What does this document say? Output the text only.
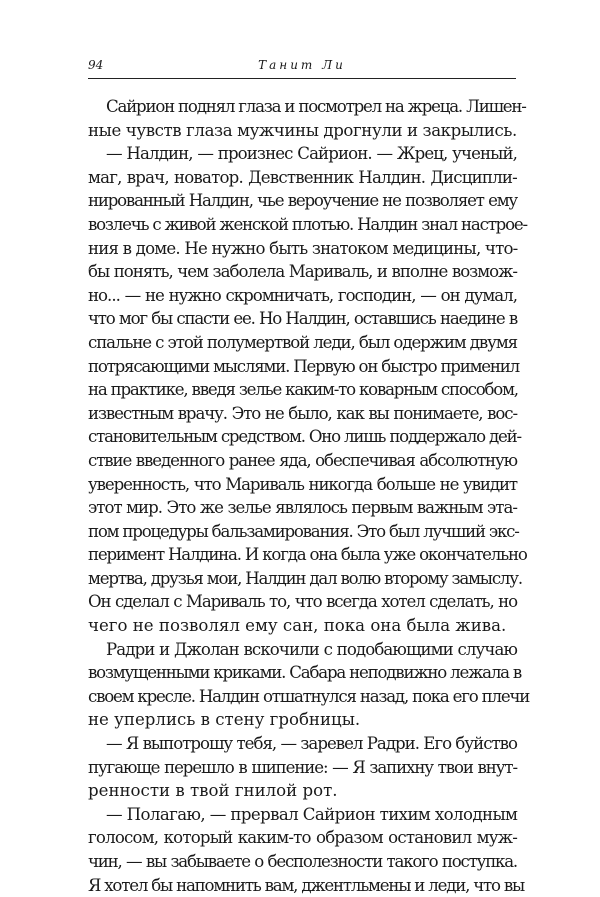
94	Танит Ли
Сайрион поднял глаза и посмотрел на жреца. Лишен-
ные чувств глаза мужчины дрогнули и закрылись.
— Налдин, — произнес Сайрион. — Жрец, ученый,
маг, врач, новатор. Девственник Налдин. Дисципли-
нированный Налдин, чье вероучение не позволяет ему
возлечь с живой женской плотью. Налдин знал настрое-
ния в доме. Не нужно быть знатоком медицины, что-
бы понять, чем заболела Мариваль, и вполне возмож-
но... — не нужно скромничать, господин, — он думал,
что мог бы спасти ее. Но Налдин, оставшись наедине в
спальне с этой полумертвой леди, был одержим двумя
потрясающими мыслями. Первую он быстро применил
на практике, введя зелье каким-то коварным способом,
известным врачу. Это не было, как вы понимаете, вос-
становительным средством. Оно лишь поддержало дей-
ствие введенного ранее яда, обеспечивая абсолютную
уверенность, что Мариваль никогда больше не увидит
этот мир. Это же зелье являлось первым важным эта-
пом процедуры бальзамирования. Это был лучший экс-
перимент Налдина. И когда она была уже окончательно
мертва, друзья мои, Налдин дал волю второму замыслу.
Он сделал с Мариваль то, что всегда хотел сделать, но
чего не позволял ему сан, пока она была жива.
Радри и Джолан вскочили с подобающими случаю
возмущенными криками. Сабара неподвижно лежала в
своем кресле. Налдин отшатнулся назад, пока его плечи
не уперлись в стену гробницы.
— Я выпотрошу тебя, — заревел Радри. Его буйство
пугающе перешло в шипение: — Я запихну твои внут-
ренности в твой гнилой рот.
— Полагаю, — прервал Сайрион тихим холодным
голосом, который каким-то образом остановил муж-
чин, — вы забываете о бесполезности такого поступка.
Я хотел бы напомнить вам, джентльмены и леди, что вы
